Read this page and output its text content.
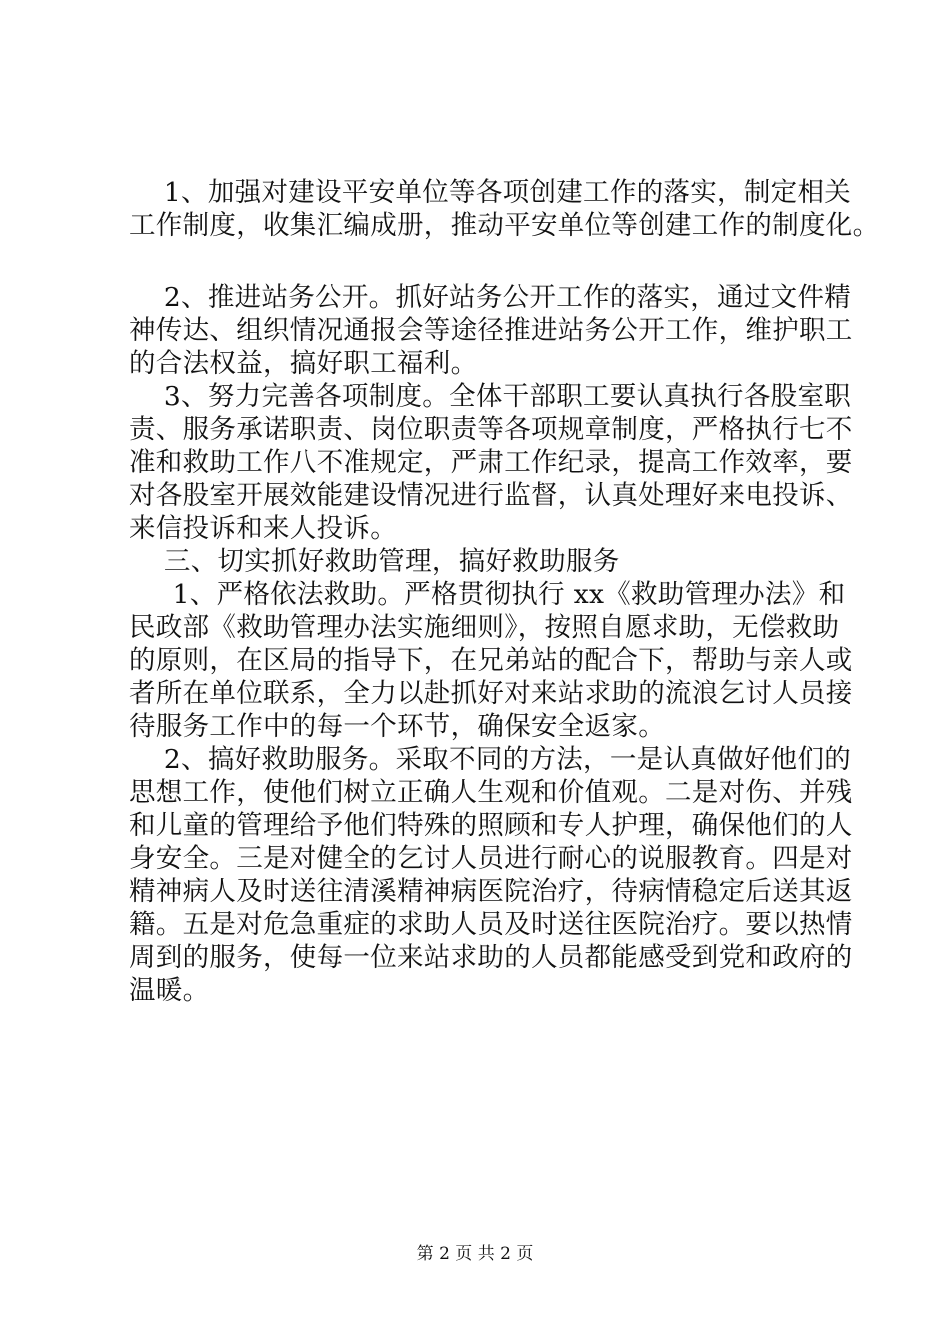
1、加强对建设平安单位等各项创建工作的落实，制定相关
工作制度，收集汇编成册，推动平安单位等创建工作的制度化。
2、推进站务公开。抓好站务公开工作的落实，通过文件精
神传达、组织情况通报会等途径推进站务公开工作，维护职工
的合法权益，搞好职工福利。
3、努力完善各项制度。全体干部职工要认真执行各股室职
责、服务承诺职责、岗位职责等各项规章制度，严格执行七不
准和救助工作八不准规定，严肃工作纪录，提高工作效率，要
对各股室开展效能建设情况进行监督，认真处理好来电投诉、
来信投诉和来人投诉。
三、切实抓好救助管理，搞好救助服务
1、严格依法救助。严格贯彻执行 xx《救助管理办法》和
民政部《救助管理办法实施细则》，按照自愿求助，无偿救助
的原则，在区局的指导下，在兄弟站的配合下，帮助与亲人或
者所在单位联系，全力以赴抓好对来站求助的流浪乞讨人员接
待服务工作中的每一个环节，确保安全返家。
2、搞好救助服务。采取不同的方法，一是认真做好他们的
思想工作，使他们树立正确人生观和价值观。二是对伤、并残
和儿童的管理给予他们特殊的照顾和专人护理，确保他们的人
身安全。三是对健全的乞讨人员进行耐心的说服教育。四是对
精神病人及时送往清溪精神病医院治疗，待病情稳定后送其返
籍。五是对危急重症的求助人员及时送往医院治疗。要以热情
周到的服务，使每一位来站求助的人员都能感受到党和政府的
温暖。
第 2 页 共 2 页
